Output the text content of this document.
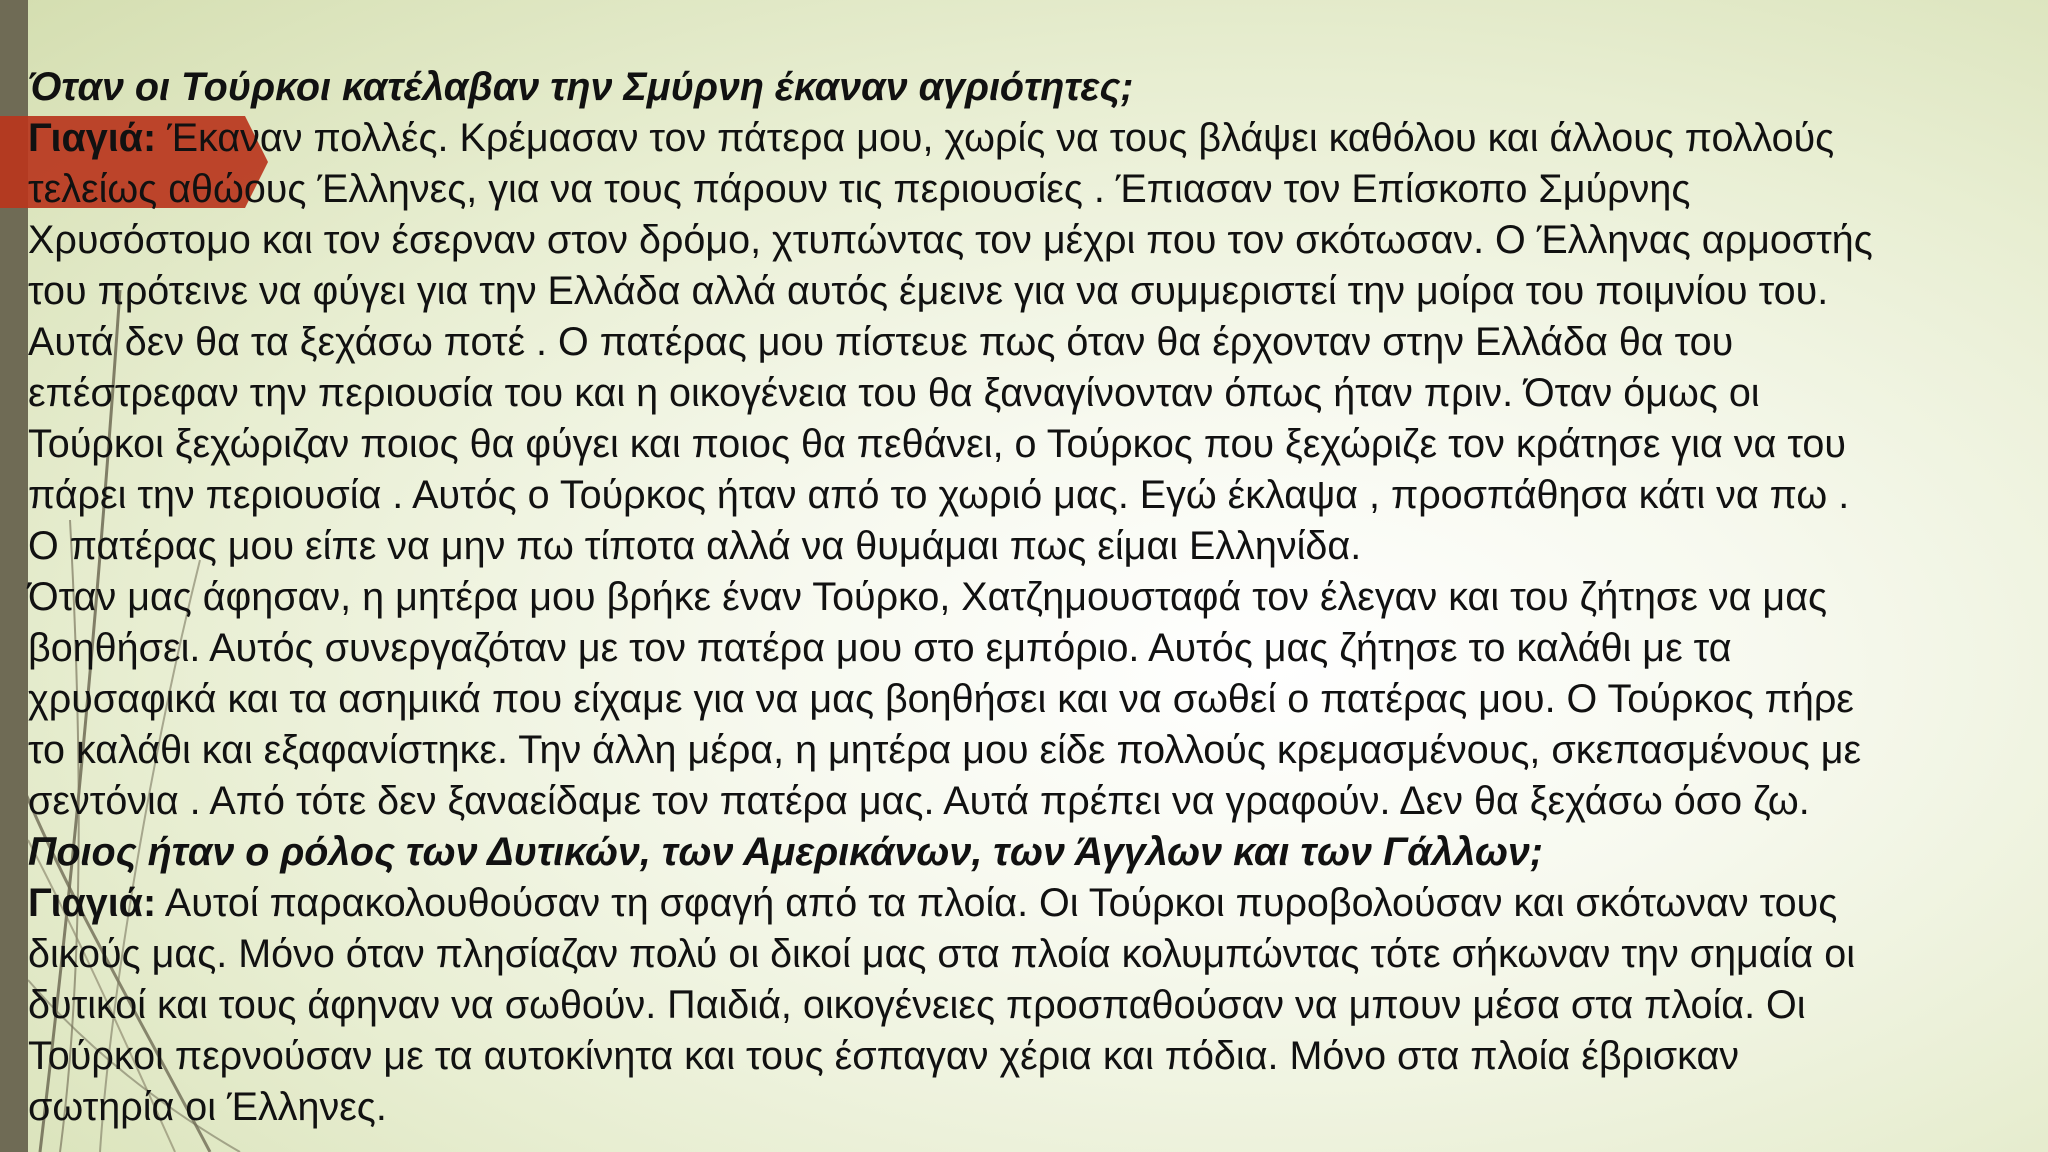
Όταν οι Τούρκοι κατέλαβαν την Σμύρνη έκαναν αγριότητες;
Γιαγιά: Έκαναν πολλές. Κρέμασαν τον πάτερα μου, χωρίς να τους βλάψει καθόλου και άλλους πολλούς
τελείως αθώους Έλληνες, για να τους πάρουν τις περιουσίες . Έπιασαν τον Επίσκοπο Σμύρνης
Χρυσόστομο και τον έσερναν στον δρόμο, χτυπώντας τον μέχρι που τον σκότωσαν. Ο Έλληνας αρμοστής
του πρότεινε να φύγει για την Ελλάδα αλλά αυτός έμεινε για να συμμεριστεί την μοίρα του ποιμνίου του.
Αυτά δεν θα τα ξεχάσω ποτέ . Ο πατέρας μου πίστευε πως όταν θα έρχονταν στην Ελλάδα θα του
επέστρεφαν την περιουσία του και η οικογένεια του θα ξαναγίνονταν όπως ήταν πριν. Όταν όμως οι
Τούρκοι ξεχώριζαν ποιος θα φύγει και ποιος θα πεθάνει, ο Τούρκος που ξεχώριζε τον κράτησε για να του
πάρει την περιουσία . Αυτός ο Τούρκος ήταν από το χωριό μας. Εγώ έκλαψα , προσπάθησα κάτι να πω .
Ο πατέρας μου είπε να μην πω τίποτα αλλά να θυμάμαι πως είμαι Ελληνίδα.
Όταν μας άφησαν, η μητέρα μου βρήκε έναν Τούρκο, Χατζημουσταφά τον έλεγαν και του ζήτησε να μας
βοηθήσει. Αυτός συνεργαζόταν με τον πατέρα μου στο εμπόριο. Αυτός μας ζήτησε το καλάθι με τα
χρυσαφικά και τα ασημικά που είχαμε για να μας βοηθήσει και να σωθεί ο πατέρας μου. Ο Τούρκος πήρε
το καλάθι και εξαφανίστηκε. Την άλλη μέρα, η μητέρα μου είδε πολλούς κρεμασμένους, σκεπασμένους με
σεντόνια . Από τότε δεν ξαναείδαμε τον πατέρα μας. Αυτά πρέπει να γραφούν. Δεν θα ξεχάσω όσο ζω.
Ποιος ήταν ο ρόλος των Δυτικών, των Αμερικάνων, των Άγγλων και των Γάλλων;
Γιαγιά: Αυτοί παρακολουθούσαν τη σφαγή από τα πλοία. Οι Τούρκοι πυροβολούσαν και σκότωναν τους
δικούς μας. Μόνο όταν πλησίαζαν πολύ οι δικοί μας στα πλοία κολυμπώντας τότε σήκωναν την σημαία οι
δυτικοί και τους άφηναν να σωθούν. Παιδιά, οικογένειες προσπαθούσαν να μπουν μέσα στα πλοία. Οι
Τούρκοι περνούσαν με τα αυτοκίνητα και τους έσπαγαν χέρια και πόδια. Μόνο στα πλοία έβρισκαν
σωτηρία οι Έλληνες.
